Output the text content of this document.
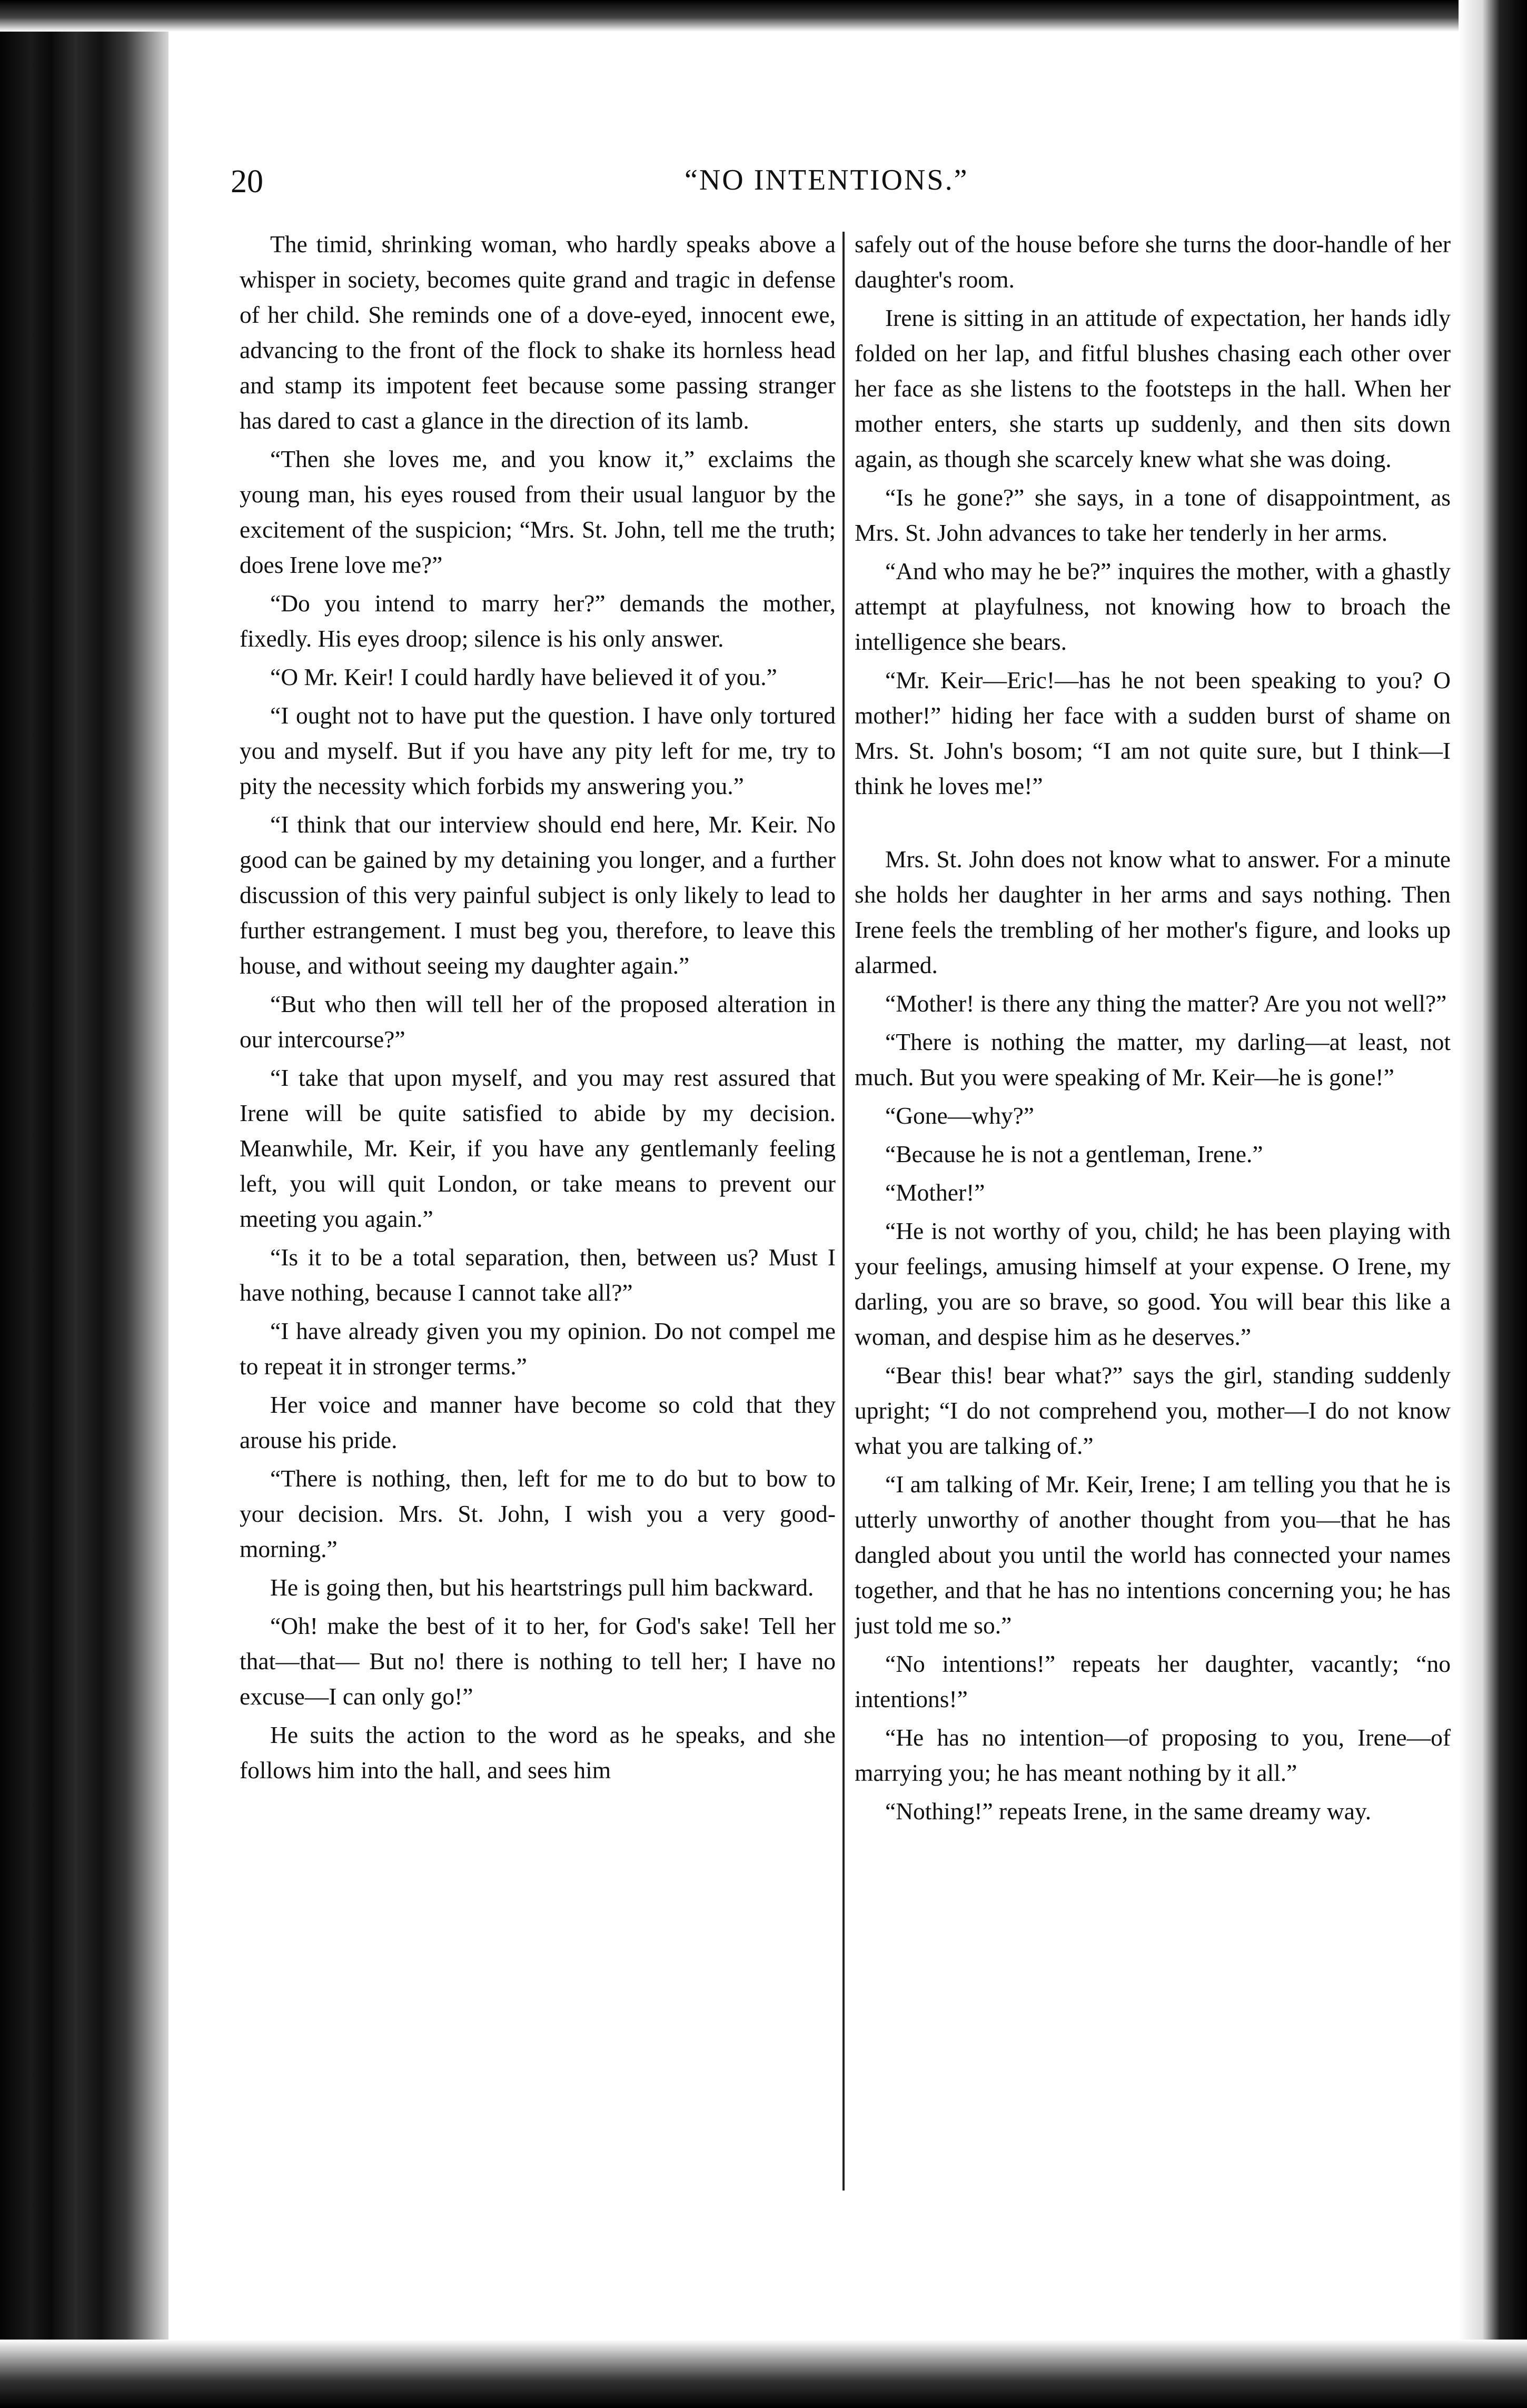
20	“NO INTENTIONS.”

The timid, shrinking woman, who hardly speaks above a whisper in society, becomes quite grand and tragic in defense of her child. She reminds one of a dove-eyed, innocent ewe, advancing to the front of the flock to shake its hornless head and stamp its impotent feet because some passing stranger has dared to cast a glance in the direction of its lamb.

“Then she loves me, and you know it,” exclaims the young man, his eyes roused from their usual languor by the excitement of the suspicion; “Mrs. St. John, tell me the truth; does Irene love me?”

“Do you intend to marry her?” demands the mother, fixedly. His eyes droop; silence is his only answer.

“O Mr. Keir! I could hardly have believed it of you.”

“I ought not to have put the question. I have only tortured you and myself. But if you have any pity left for me, try to pity the necessity which forbids my answering you.”

“I think that our interview should end here, Mr. Keir. No good can be gained by my detaining you longer, and a further discussion of this very painful subject is only likely to lead to further estrangement. I must beg you, therefore, to leave this house, and without seeing my daughter again.”

“But who then will tell her of the proposed alteration in our intercourse?”

“I take that upon myself, and you may rest assured that Irene will be quite satisfied to abide by my decision. Meanwhile, Mr. Keir, if you have any gentlemanly feeling left, you will quit London, or take means to prevent our meeting you again.”

“Is it to be a total separation, then, between us? Must I have nothing, because I cannot take all?”

“I have already given you my opinion. Do not compel me to repeat it in stronger terms.”

Her voice and manner have become so cold that they arouse his pride.

“There is nothing, then, left for me to do but to bow to your decision. Mrs. St. John, I wish you a very good-morning.”

He is going then, but his heartstrings pull him backward.

“Oh! make the best of it to her, for God's sake! Tell her that—that— But no! there is nothing to tell her; I have no excuse—I can only go!”

He suits the action to the word as he speaks, and she follows him into the hall, and sees him

safely out of the house before she turns the door-handle of her daughter's room.

Irene is sitting in an attitude of expectation, her hands idly folded on her lap, and fitful blushes chasing each other over her face as she listens to the footsteps in the hall. When her mother enters, she starts up suddenly, and then sits down again, as though she scarcely knew what she was doing.

“Is he gone?” she says, in a tone of disappointment, as Mrs. St. John advances to take her tenderly in her arms.

“And who may he be?” inquires the mother, with a ghastly attempt at playfulness, not knowing how to broach the intelligence she bears.

“Mr. Keir—Eric!—has he not been speaking to you? O mother!” hiding her face with a sudden burst of shame on Mrs. St. John's bosom; “I am not quite sure, but I think—I think he loves me!”

Mrs. St. John does not know what to answer. For a minute she holds her daughter in her arms and says nothing. Then Irene feels the trembling of her mother's figure, and looks up alarmed.

“Mother! is there any thing the matter? Are you not well?”

“There is nothing the matter, my darling—at least, not much. But you were speaking of Mr. Keir—he is gone!”

“Gone—why?”

“Because he is not a gentleman, Irene.”

“Mother!”

“He is not worthy of you, child; he has been playing with your feelings, amusing himself at your expense. O Irene, my darling, you are so brave, so good. You will bear this like a woman, and despise him as he deserves.”

“Bear this! bear what?” says the girl, standing suddenly upright; “I do not comprehend you, mother—I do not know what you are talking of.”

“I am talking of Mr. Keir, Irene; I am telling you that he is utterly unworthy of another thought from you—that he has dangled about you until the world has connected your names together, and that he has no intentions concerning you; he has just told me so.”

“No intentions!” repeats her daughter, vacantly; “no intentions!”

“He has no intention—of proposing to you, Irene—of marrying you; he has meant nothing by it all.”

“Nothing!” repeats Irene, in the same dreamy way.
